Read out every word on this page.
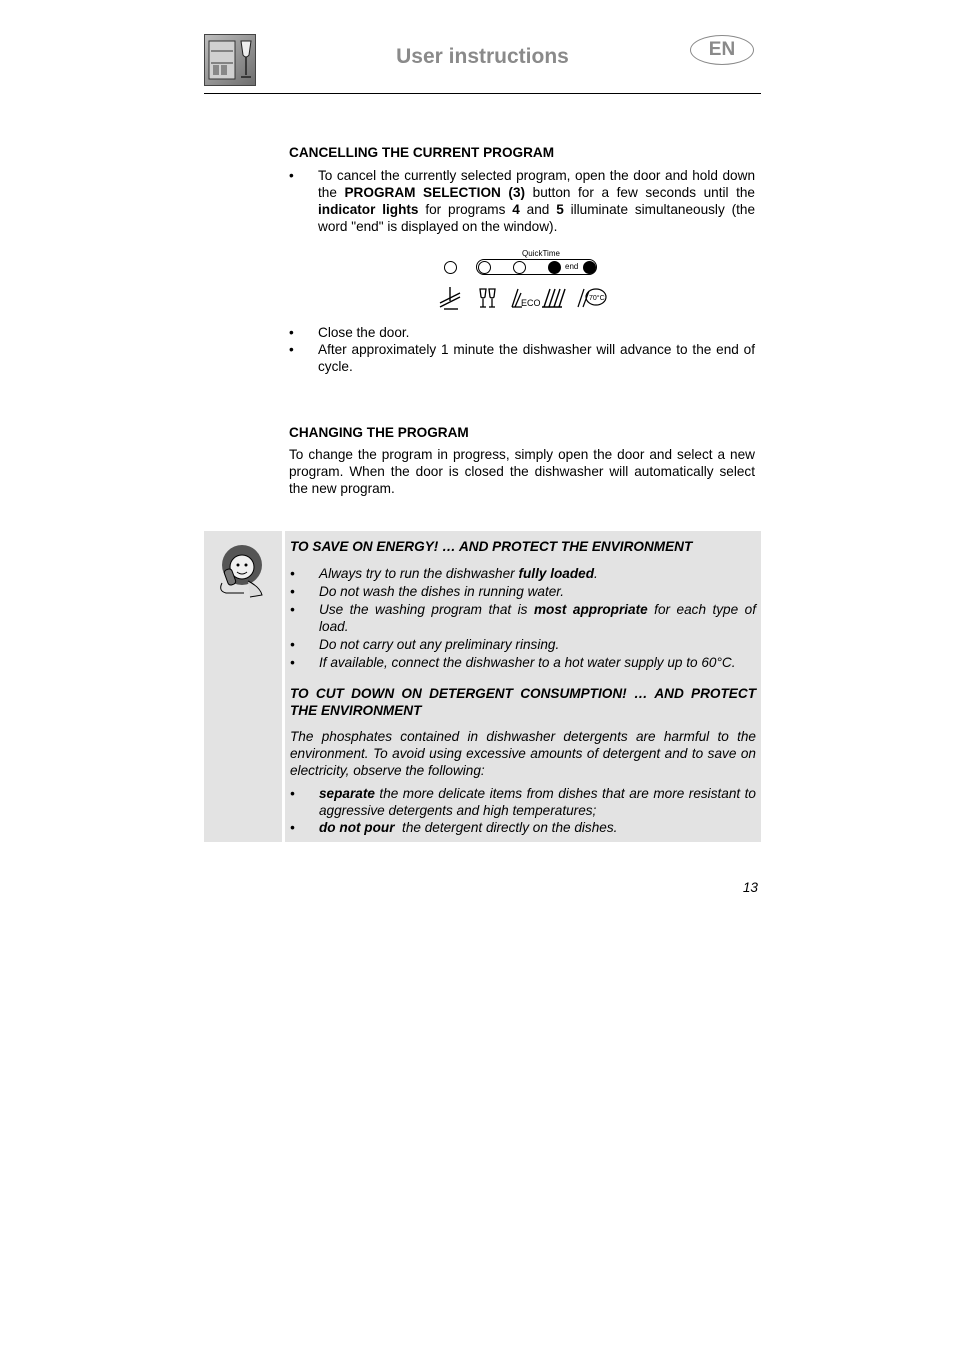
User instructions	EN

CANCELLING THE CURRENT PROGRAM

• To cancel the currently selected program, open the door and hold down the PROGRAM SELECTION (3) button for a few seconds until the indicator lights for programs 4 and 5 illuminate simultaneously (the word "end" is displayed on the window).
QuickTime
end
ECO	70°C
• Close the door.
• After approximately 1 minute the dishwasher will advance to the end of cycle.

CHANGING THE PROGRAM

To change the program in progress, simply open the door and select a new program. When the door is closed the dishwasher will automatically select the new program.

TO SAVE ON ENERGY! … AND PROTECT THE ENVIRONMENT

• Always try to run the dishwasher fully loaded.
• Do not wash the dishes in running water.
• Use the washing program that is most appropriate for each type of load.
• Do not carry out any preliminary rinsing.
• If available, connect the dishwasher to a hot water supply up to 60°C.

TO CUT DOWN ON DETERGENT CONSUMPTION! … AND PROTECT THE ENVIRONMENT

The phosphates contained in dishwasher detergents are harmful to the environment. To avoid using excessive amounts of detergent and to save on electricity, observe the following:

• separate the more delicate items from dishes that are more resistant to aggressive detergents and high temperatures;
• do not pour  the detergent directly on the dishes.
13
